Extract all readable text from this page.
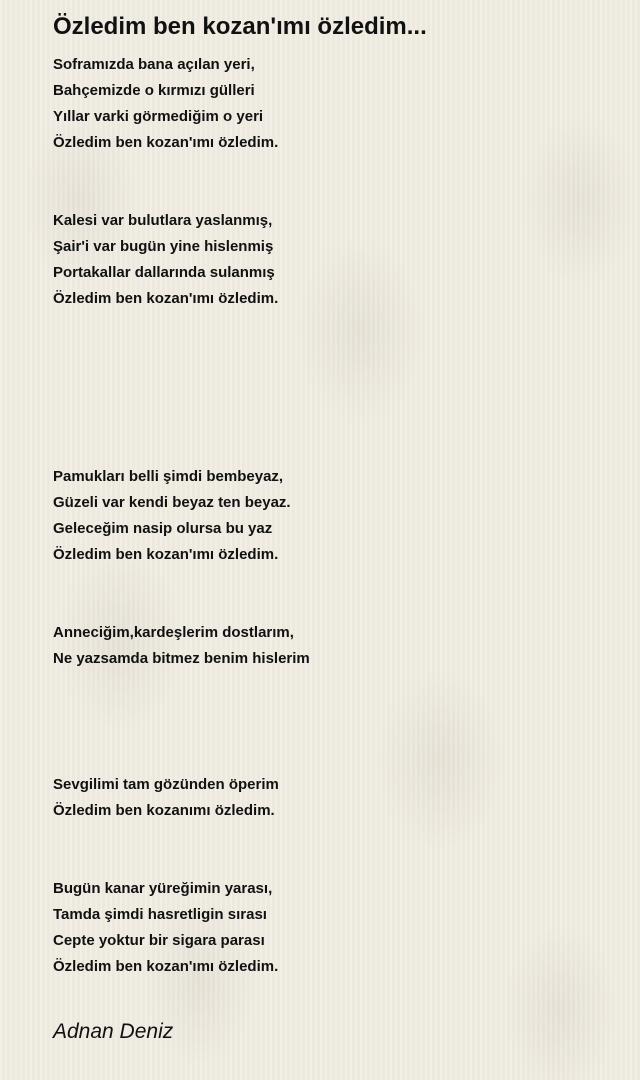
Özledim ben kozan'ımı özledim...
Soframızda bana açılan yeri,
Bahçemizde o kırmızı gülleri
Yıllar varki görmediğim o yeri
Özledim ben kozan'ımı özledim.
Kalesi var bulutlara yaslanmış,
Şair'i var bugün yine hislenmiş
Portakallar dallarında sulanmış
Özledim ben kozan'ımı özledim.
Pamukları belli şimdi bembeyaz,
Güzeli var kendi beyaz ten beyaz.
Geleceğim nasip olursa bu yaz
Özledim ben kozan'ımı özledim.
Anneciğim,kardeşlerim dostlarım,
Ne yazsamda bitmez benim hislerim
Sevgilimi tam gözünden öperim
Özledim ben kozanımı özledim.
Bugün kanar yüreğimin yarası,
Tamda şimdi hasretligin sırası
Cepte yoktur bir sigara parası
Özledim ben kozan'ımı özledim.
Adnan Deniz
